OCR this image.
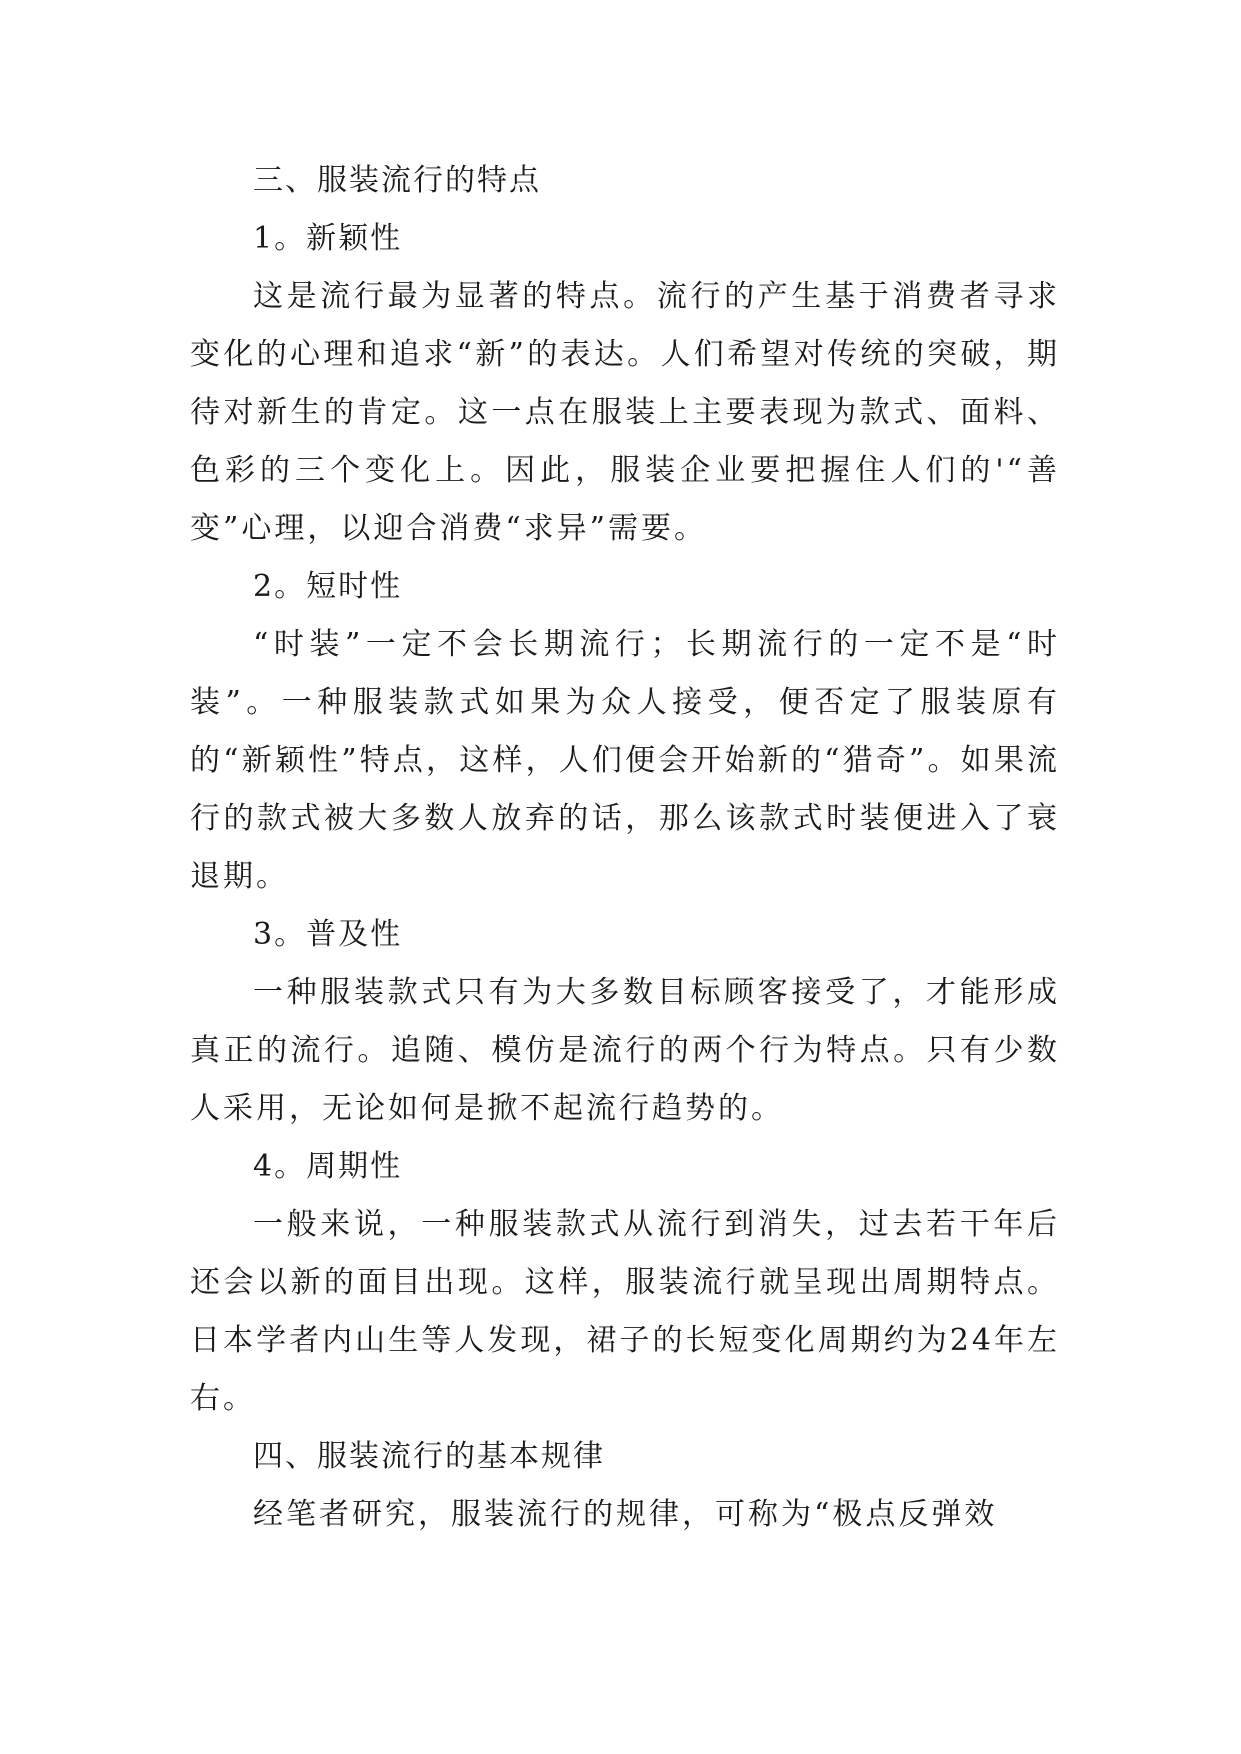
三、服装流行的特点

1。新颖性

这是流行最为显著的特点。流行的产生基于消费者寻求变化的心理和追求“新”的表达。人们希望对传统的突破，期待对新生的肯定。这一点在服装上主要表现为款式、面料、色彩的三个变化上。因此，服装企业要把握住人们的'“善变”心理，以迎合消费“求异”需要。

2。短时性

“时装”一定不会长期流行；长期流行的一定不是“时装”。一种服装款式如果为众人接受，便否定了服装原有的“新颖性”特点，这样，人们便会开始新的“猎奇”。如果流行的款式被大多数人放弃的话，那么该款式时装便进入了衰退期。

3。普及性

一种服装款式只有为大多数目标顾客接受了，才能形成真正的流行。追随、模仿是流行的两个行为特点。只有少数人采用，无论如何是掀不起流行趋势的。

4。周期性

一般来说，一种服装款式从流行到消失，过去若干年后还会以新的面目出现。这样，服装流行就呈现出周期特点。日本学者内山生等人发现，裙子的长短变化周期约为24年左右。

四、服装流行的基本规律

经笔者研究，服装流行的规律，可称为“极点反弹效
